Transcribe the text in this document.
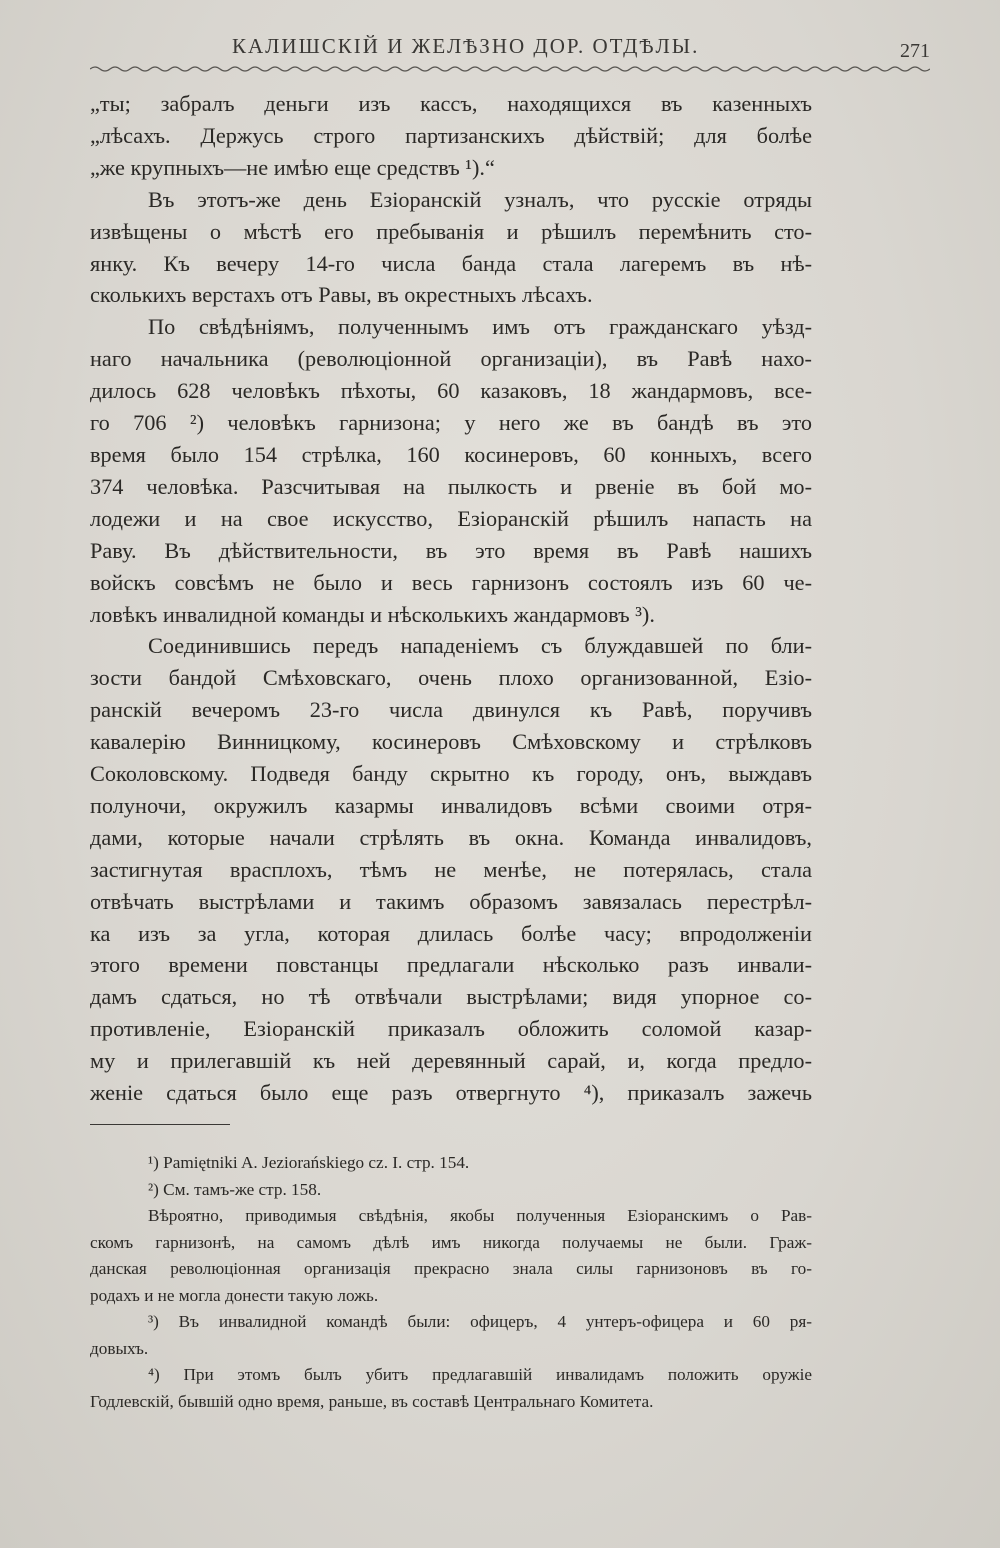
КАЛИШСКІЙ И ЖЕЛѢЗНО ДОР. ОТДѢЛЫ.	271
„ты; забралъ деньги изъ кассъ, находящихся въ казенныхъ
„лѣсахъ. Держусь строго партизанскихъ дѣйствій; для болѣе
„же крупныхъ—не имѣю еще средствъ ¹).“
Въ этотъ-же день Езіоранскій узналъ, что русскіе отряды
извѣщены о мѣстѣ его пребыванія и рѣшилъ перемѣнить сто-
янку. Къ вечеру 14-го числа банда стала лагеремъ въ нѣ-
сколькихъ верстахъ отъ Равы, въ окрестныхъ лѣсахъ.
По свѣдѣніямъ, полученнымъ имъ отъ гражданскаго уѣзд-
наго начальника (революціонной организаціи), въ Равѣ нахо-
дилось 628 человѣкъ пѣхоты, 60 казаковъ, 18 жандармовъ, все-
го 706 ²) человѣкъ гарнизона; у него же въ бандѣ въ это
время было 154 стрѣлка, 160 косинеровъ, 60 конныхъ, всего
374 человѣка. Разсчитывая на пылкость и рвеніе въ бой мо-
лодежи и на свое искусство, Езіоранскій рѣшилъ напасть на
Раву. Въ дѣйствительности, въ это время въ Равѣ нашихъ
войскъ совсѣмъ не было и весь гарнизонъ состоялъ изъ 60 че-
ловѣкъ инвалидной команды и нѣсколькихъ жандармовъ ³).
Соединившись передъ нападеніемъ съ блуждавшей по бли-
зости бандой Смѣховскаго, очень плохо организованной, Езіо-
ранскій вечеромъ 23-го числа двинулся къ Равѣ, поручивъ
кавалерію Винницкому, косинеровъ Смѣховскому и стрѣлковъ
Соколовскому. Подведя банду скрытно къ городу, онъ, выждавъ
полуночи, окружилъ казармы инвалидовъ всѣми своими отря-
дами, которые начали стрѣлять въ окна. Команда инвалидовъ,
застигнутая врасплохъ, тѣмъ не менѣе, не потерялась, стала
отвѣчать выстрѣлами и такимъ образомъ завязалась перестрѣл-
ка изъ за угла, которая длилась болѣе часу; впродолженіи
этого времени повстанцы предлагали нѣсколько разъ инвали-
дамъ сдаться, но тѣ отвѣчали выстрѣлами; видя упорное со-
противленіе, Езіоранскій приказалъ обложить соломой казар-
му и прилегавшій къ ней деревянный сарай, и, когда предло-
женіе сдаться было еще разъ отвергнуто ⁴), приказалъ зажечь
¹) Pamiętniki A. Jeziorańskiego cz. I. стр. 154.
²) См. тамъ-же стр. 158.
Вѣроятно, приводимыя свѣдѣнія, якобы полученныя Езіоранскимъ о Рав-
скомъ гарнизонѣ, на самомъ дѣлѣ имъ никогда получаемы не были. Граж-
данская революціонная организація прекрасно знала силы гарнизоновъ въ го-
родахъ и не могла донести такую ложь.
³) Въ инвалидной командѣ были: офицеръ, 4 унтеръ-офицера и 60 ря-
довыхъ.
⁴) При этомъ былъ убитъ предлагавшій инвалидамъ положить оружіе
Годлевскій, бывшій одно время, раньше, въ составѣ Центральнаго Комитета.
